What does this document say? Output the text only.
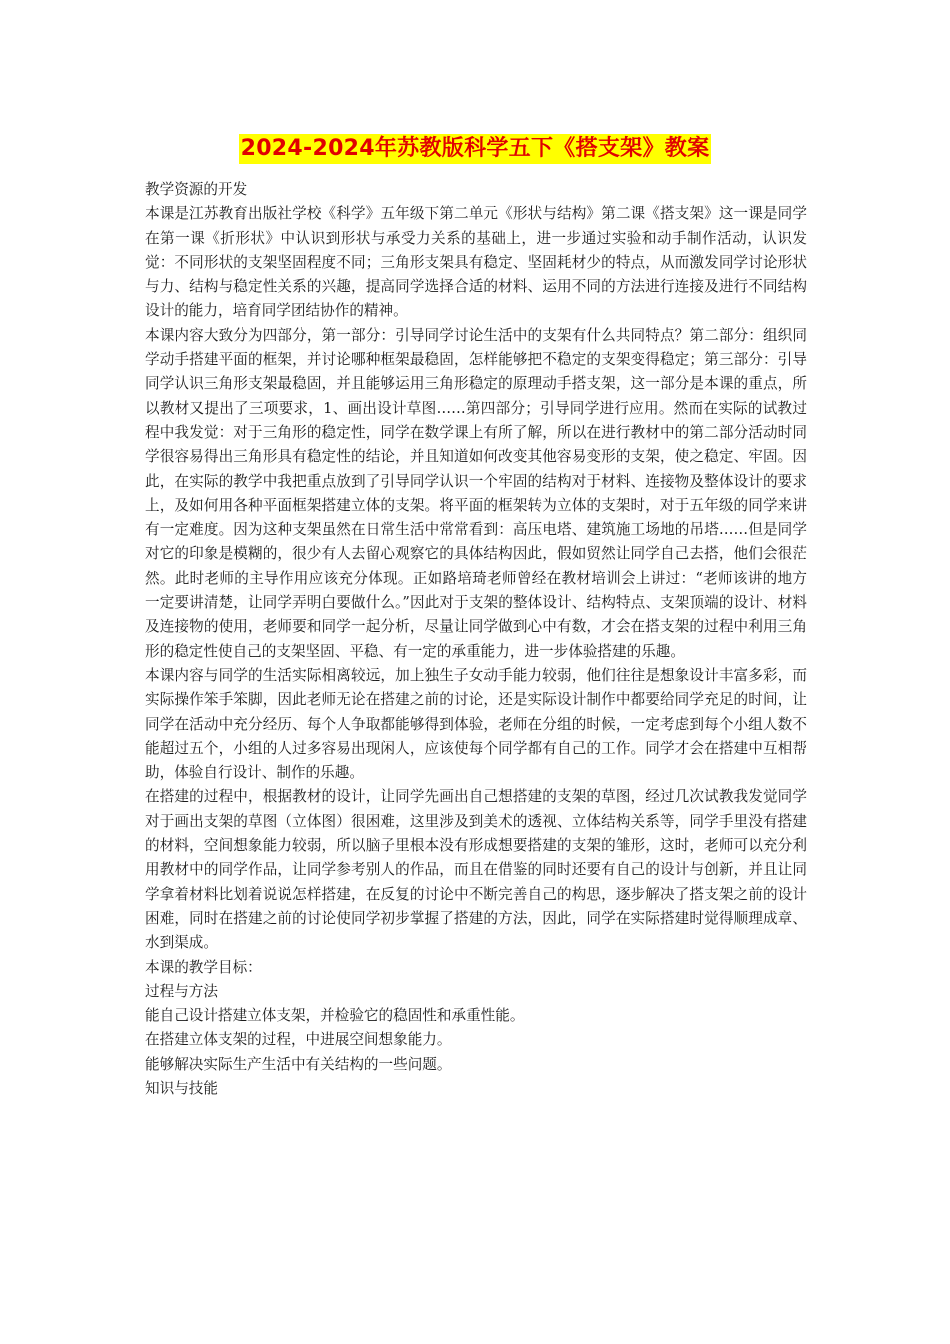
2024-2024年苏教版科学五下《搭支架》教案

教学资源的开发

本课是江苏教育出版社学校《科学》五年级下第二单元《形状与结构》第二课《搭支架》这一课是同学在第一课《折形状》中认识到形状与承受力关系的基础上，进一步通过实验和动手制作活动，认识发觉：不同形状的支架坚固程度不同；三角形支架具有稳定、坚固耗材少的特点，从而激发同学讨论形状与力、结构与稳定性关系的兴趣，提高同学选择合适的材料、运用不同的方法进行连接及进行不同结构设计的能力，培育同学团结协作的精神。

本课内容大致分为四部分，第一部分：引导同学讨论生活中的支架有什么共同特点？第二部分：组织同学动手搭建平面的框架，并讨论哪种框架最稳固，怎样能够把不稳定的支架变得稳定；第三部分：引导同学认识三角形支架最稳固，并且能够运用三角形稳定的原理动手搭支架，这一部分是本课的重点，所以教材又提出了三项要求，1、画出设计草图……第四部分；引导同学进行应用。然而在实际的试教过程中我发觉：对于三角形的稳定性，同学在数学课上有所了解，所以在进行教材中的第二部分活动时同学很容易得出三角形具有稳定性的结论，并且知道如何改变其他容易变形的支架，使之稳定、牢固。因此，在实际的教学中我把重点放到了引导同学认识一个牢固的结构对于材料、连接物及整体设计的要求上，及如何用各种平面框架搭建立体的支架。将平面的框架转为立体的支架时，对于五年级的同学来讲有一定难度。因为这种支架虽然在日常生活中常常看到：高压电塔、建筑施工场地的吊塔……但是同学对它的印象是模糊的，很少有人去留心观察它的具体结构因此，假如贸然让同学自己去搭，他们会很茫然。此时老师的主导作用应该充分体现。正如路培琦老师曾经在教材培训会上讲过：“老师该讲的地方一定要讲清楚，让同学弄明白要做什么。”因此对于支架的整体设计、结构特点、支架顶端的设计、材料及连接物的使用，老师要和同学一起分析，尽量让同学做到心中有数，才会在搭支架的过程中利用三角形的稳定性使自己的支架坚固、平稳、有一定的承重能力，进一步体验搭建的乐趣。

本课内容与同学的生活实际相离较远，加上独生子女动手能力较弱，他们往往是想象设计丰富多彩，而实际操作笨手笨脚，因此老师无论在搭建之前的讨论，还是实际设计制作中都要给同学充足的时间，让同学在活动中充分经历、每个人争取都能够得到体验，老师在分组的时候，一定考虑到每个小组人数不能超过五个，小组的人过多容易出现闲人，应该使每个同学都有自己的工作。同学才会在搭建中互相帮助，体验自行设计、制作的乐趣。

在搭建的过程中，根据教材的设计，让同学先画出自己想搭建的支架的草图，经过几次试教我发觉同学对于画出支架的草图（立体图）很困难，这里涉及到美术的透视、立体结构关系等，同学手里没有搭建的材料，空间想象能力较弱，所以脑子里根本没有形成想要搭建的支架的雏形，这时，老师可以充分利用教材中的同学作品，让同学参考别人的作品，而且在借鉴的同时还要有自己的设计与创新，并且让同学拿着材料比划着说说怎样搭建，在反复的讨论中不断完善自己的构思，逐步解决了搭支架之前的设计困难，同时在搭建之前的讨论使同学初步掌握了搭建的方法，因此，同学在实际搭建时觉得顺理成章、水到渠成。

本课的教学目标：

过程与方法

能自己设计搭建立体支架，并检验它的稳固性和承重性能。

在搭建立体支架的过程，中进展空间想象能力。

能够解决实际生产生活中有关结构的一些问题。

知识与技能
